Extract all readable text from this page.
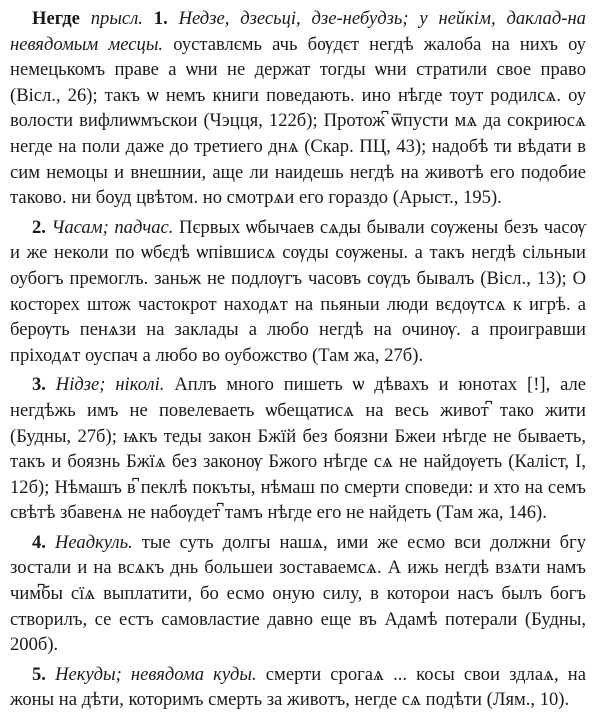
Негде прысл. 1. Недзе, дзесьці, дзе-небудзь; у нейкім, даклад-на невядомым месцы. оуставлємь ачь бѹдєт негдѣ жалоба на нихъ оу немецькомъ праве а ѡни не держат тогды ѡни стратили свое право (Вісл., 26); такъ ѡ немъ книги поведають. ино нѣгде тоут родилсѧ. оу волости вифлиѡмъскои (Чэцця, 122б); Протож͆ ѿпусти мѧ да сокриюсѧ негде на поли даже до третиего днѧ (Скар. ПЦ, 43); надобѣ ти вѣдати в сим немоцы и внешнии, аще ли наидешь негдѣ на животѣ его подобие таково. ни боуд цвѣтом. но смотрѧи его гораздо (Арыст., 195).

2. Часам; падчас. Пєрвых ѡбычаев сѧды бывали сѹжены безъ часѹ и же неколи по ѡбєдѣ ѡпівшисѧ сѹды сѹжены. а такъ негдѣ сільныи оубогъ премоглъ. заньж не подлѹгъ часовъ сѹдъ бывалъ (Вісл., 13); О косторех штож частокрот находѧт на пьяныи люди вєдѹтсѧ к игрѣ. а берѹть пенѧзи на заклады а любо негдѣ на очинѹ. а проигравши пріходѧт оуспач а любо во оубожство (Там жа, 27б).

3. Нідзе; ніколі. Аплъ много пишеть ѡ дѣвахъ и юнотах [!], але негдѣжь имъ не повелеваеть ѡбещатисѧ на весь живот͆ тако жити (Будны, 27б); ѩкъ теды закон Бжїй без боязни Бжеи нѣгде не бываеть, такъ и боязнь Бжїѧ без законѹ Бжого нѣгде сѧ не найдѹеть (Каліст, I, 12б); Нѣмашъ в͆ пеклѣ покъты, нѣмаш по смерти споведи: и хто на семъ свѣтѣ збавенѧ не набѹдет͆ тамъ нѣгде его не найдеть (Там жа, 146).

4. Неадкуль. тые суть долгы нашѧ, ими же есмо вси должни бгу зостали и на всѧкъ днь большеи зоставаемсѧ. А ижь негдѣ взѧти намъ чим͆бы сїѧ выплатити, бо есмо оную силу, в которои насъ былъ богъ створилъ, се естъ самовластие давно еще въ Адамѣ потерали (Будны, 200б).

5. Некуды; невядома куды. смерти срогаѧ ... косы свои здлаѧ, на жоны на дѣти, которимъ смерть за животъ, негде сѧ подѣти (Лям., 10).
